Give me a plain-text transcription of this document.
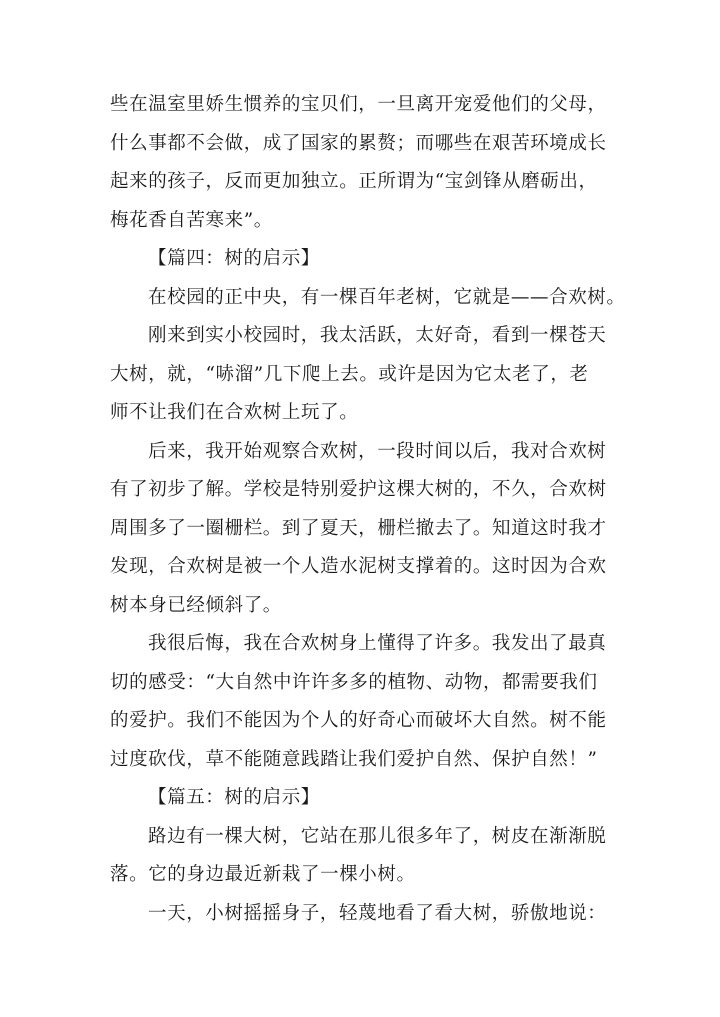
些在温室里娇生惯养的宝贝们，一旦离开宠爱他们的父母，
什么事都不会做，成了国家的累赘；而哪些在艰苦环境成长
起来的孩子，反而更加独立。正所谓为“宝剑锋从磨砺出，
梅花香自苦寒来”。
【篇四：树的启示】
在校园的正中央，有一棵百年老树，它就是——合欢树。
刚来到实小校园时，我太活跃，太好奇，看到一棵苍天
大树，就，“哧溜”几下爬上去。或许是因为它太老了，老
师不让我们在合欢树上玩了。
后来，我开始观察合欢树，一段时间以后，我对合欢树
有了初步了解。学校是特别爱护这棵大树的，不久，合欢树
周围多了一圈栅栏。到了夏天，栅栏撤去了。知道这时我才
发现，合欢树是被一个人造水泥树支撑着的。这时因为合欢
树本身已经倾斜了。
我很后悔，我在合欢树身上懂得了许多。我发出了最真
切的感受：“大自然中许许多多的植物、动物，都需要我们
的爱护。我们不能因为个人的好奇心而破坏大自然。树不能
过度砍伐，草不能随意践踏让我们爱护自然、保护自然！”
【篇五：树的启示】
路边有一棵大树，它站在那儿很多年了，树皮在渐渐脱
落。它的身边最近新栽了一棵小树。
一天，小树摇摇身子，轻蔑地看了看大树，骄傲地说：
